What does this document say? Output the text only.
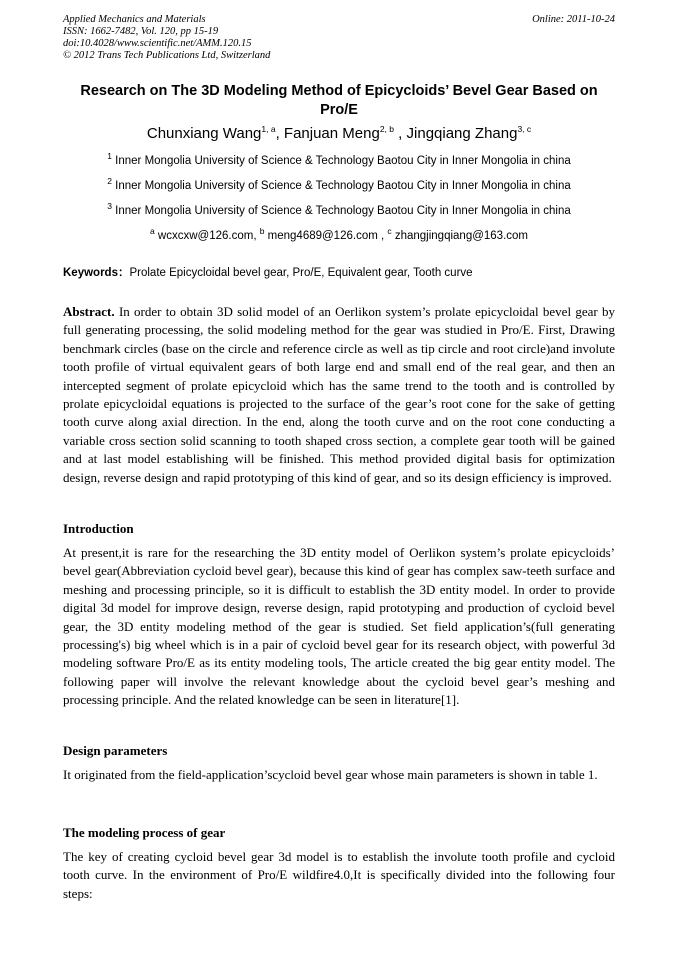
Applied Mechanics and Materials	Online: 2011-10-24
ISSN: 1662-7482, Vol. 120, pp 15-19
doi:10.4028/www.scientific.net/AMM.120.15
© 2012 Trans Tech Publications Ltd, Switzerland
Research on The 3D Modeling Method of Epicycloids’ Bevel Gear Based on Pro/E
Chunxiang Wang$^{1, a}$, Fanjuan Meng$^{2, b}$ , Jingqiang Zhang$^{3, c}$
$^1$ Inner Mongolia University of Science & Technology Baotou City in Inner Mongolia in china
$^2$ Inner Mongolia University of Science & Technology Baotou City in Inner Mongolia in china
$^3$ Inner Mongolia University of Science & Technology Baotou City in Inner Mongolia in china
$^a$ wcxcxw@126.com, $^b$ meng4689@126.com , $^c$ zhangjingqiang@163.com
Keywords：Prolate Epicycloidal bevel gear, Pro/E, Equivalent gear, Tooth curve
Abstract. In order to obtain 3D solid model of an Oerlikon system’s prolate epicycloidal bevel gear by full generating processing, the solid modeling method for the gear was studied in Pro/E. First, Drawing benchmark circles (base on the circle and reference circle as well as tip circle and root circle)and involute tooth profile of virtual equivalent gears of both large end and small end of the real gear, and then an intercepted segment of prolate epicycloid which has the same trend to the tooth and is controlled by prolate epicycloidal equations is projected to the surface of the gear’s root cone for the sake of getting tooth curve along axial direction. In the end, along the tooth curve and on the root cone conducting a variable cross section solid scanning to tooth shaped cross section, a complete gear tooth will be gained and at last model establishing will be finished. This method provided digital basis for optimization design, reverse design and rapid prototyping of this kind of gear, and so its design efficiency is improved.
Introduction
At present,it is rare for the researching the 3D entity model of Oerlikon system’s prolate epicycloids’ bevel gear(Abbreviation cycloid bevel gear), because this kind of gear has complex saw-teeth surface and meshing and processing principle, so it is difficult to establish the 3D entity model. In order to provide digital 3d model for improve design, reverse design, rapid prototyping and production of cycloid bevel gear, the 3D entity modeling method of the gear is studied. Set field application’s(full generating processing's) big wheel which is in a pair of cycloid bevel gear for its research object, with powerful 3d modeling software Pro/E as its entity modeling tools, The article created the big gear entity model. The following paper will involve the relevant knowledge about the cycloid bevel gear’s meshing and processing principle. And the related knowledge can be seen in literature[1].
Design parameters
It originated from the field-application’scycloid bevel gear whose main parameters is shown in table 1.
The modeling process of gear
The key of creating cycloid bevel gear 3d model is to establish the involute tooth profile and cycloid tooth curve. In the environment of Pro/E wildfire4.0,It is specifically divided into the following four steps:
